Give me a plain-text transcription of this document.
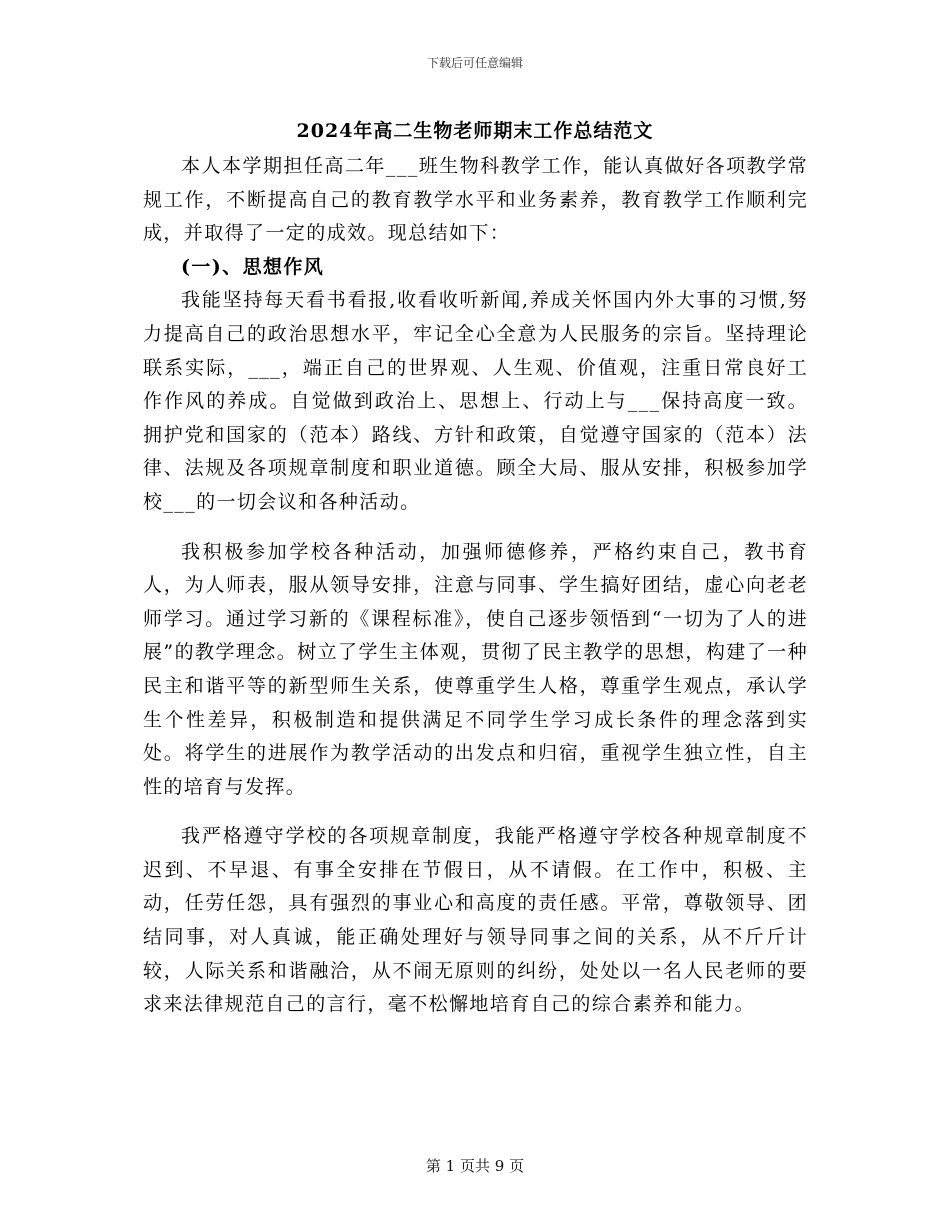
下载后可任意编辑
2024年高二生物老师期末工作总结范文

本人本学期担任高二年___班生物科教学工作，能认真做好各项教学常规工作，不断提高自己的教育教学水平和业务素养，教育教学工作顺利完成，并取得了一定的成效。现总结如下：

(一)、思想作风

我能坚持每天看书看报,收看收听新闻,养成关怀国内外大事的习惯,努力提高自己的政治思想水平，牢记全心全意为人民服务的宗旨。坚持理论联系实际，___，端正自己的世界观、人生观、价值观，注重日常良好工作作风的养成。自觉做到政治上、思想上、行动上与___保持高度一致。拥护党和国家的（范本）路线、方针和政策，自觉遵守国家的（范本）法律、法规及各项规章制度和职业道德。顾全大局、服从安排，积极参加学校___的一切会议和各种活动。

我积极参加学校各种活动，加强师德修养，严格约束自己，教书育人，为人师表，服从领导安排，注意与同事、学生搞好团结，虚心向老老师学习。通过学习新的《课程标准》，使自己逐步领悟到“一切为了人的进展”的教学理念。树立了学生主体观，贯彻了民主教学的思想，构建了一种民主和谐平等的新型师生关系，使尊重学生人格，尊重学生观点，承认学生个性差异，积极制造和提供满足不同学生学习成长条件的理念落到实处。将学生的进展作为教学活动的出发点和归宿，重视学生独立性，自主性的培育与发挥。

我严格遵守学校的各项规章制度，我能严格遵守学校各种规章制度不迟到、不早退、有事全安排在节假日，从不请假。在工作中，积极、主动，任劳任怨，具有强烈的事业心和高度的责任感。平常，尊敬领导、团结同事，对人真诚，能正确处理好与领导同事之间的关系，从不斤斤计较，人际关系和谐融洽，从不闹无原则的纠纷，处处以一名人民老师的要求来法律规范自己的言行，毫不松懈地培育自己的综合素养和能力。

第 1 页共 9 页
